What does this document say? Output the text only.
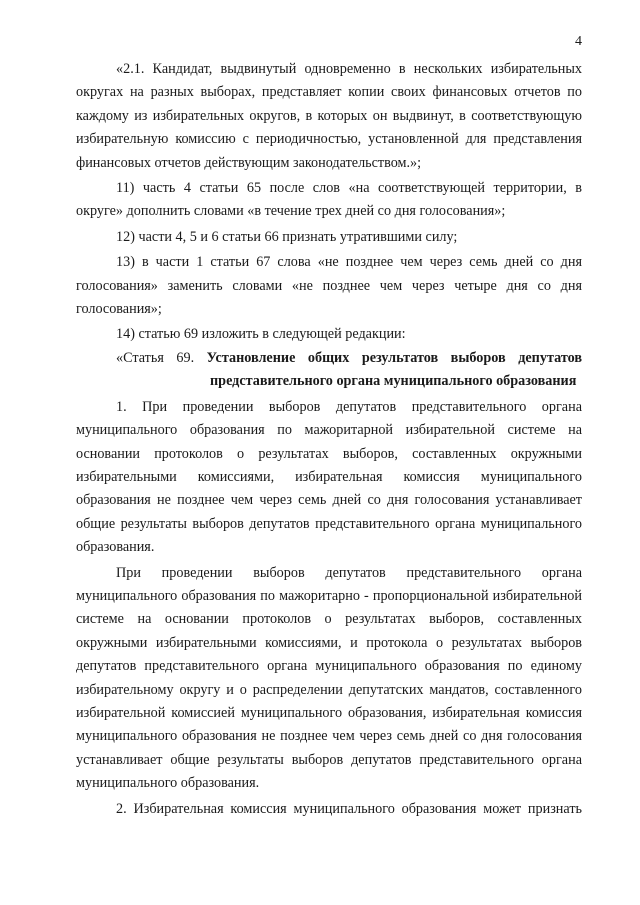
4

«2.1. Кандидат, выдвинутый одновременно в нескольких избирательных округах на разных выборах, представляет копии своих финансовых отчетов по каждому из избирательных округов, в которых он выдвинут, в соответствующую избирательную комиссию с периодичностью, установленной для представления финансовых отчетов действующим законодательством.»;

11) часть 4 статьи 65 после слов «на соответствующей территории, в округе» дополнить словами «в течение трех дней со дня голосования»;

12) части 4, 5 и 6 статьи 66 признать утратившими силу;

13) в части 1 статьи 67 слова «не позднее чем через семь дней со дня голосования» заменить словами «не позднее чем через четыре дня со дня голосования»;

14) статью 69 изложить в следующей редакции:

«Статья 69. Установление общих результатов выборов депутатов
представительного органа муниципального образования

1. При проведении выборов депутатов представительного органа муниципального образования по мажоритарной избирательной системе на основании протоколов о результатах выборов, составленных окружными избирательными комиссиями, избирательная комиссия муниципального образования не позднее чем через семь дней со дня голосования устанавливает общие результаты выборов депутатов представительного органа муниципального образования.

При проведении выборов депутатов представительного органа муниципального образования по мажоритарно - пропорциональной избирательной системе на основании протоколов о результатах выборов, составленных окружными избирательными комиссиями, и протокола о результатах выборов депутатов представительного органа муниципального образования по единому избирательному округу и о распределении депутатских мандатов, составленного избирательной комиссией муниципального образования, избирательная комиссия муниципального образования не позднее чем через семь дней со дня голосования устанавливает общие результаты выборов депутатов представительного органа муниципального образования.

2. Избирательная комиссия муниципального образования может признать
